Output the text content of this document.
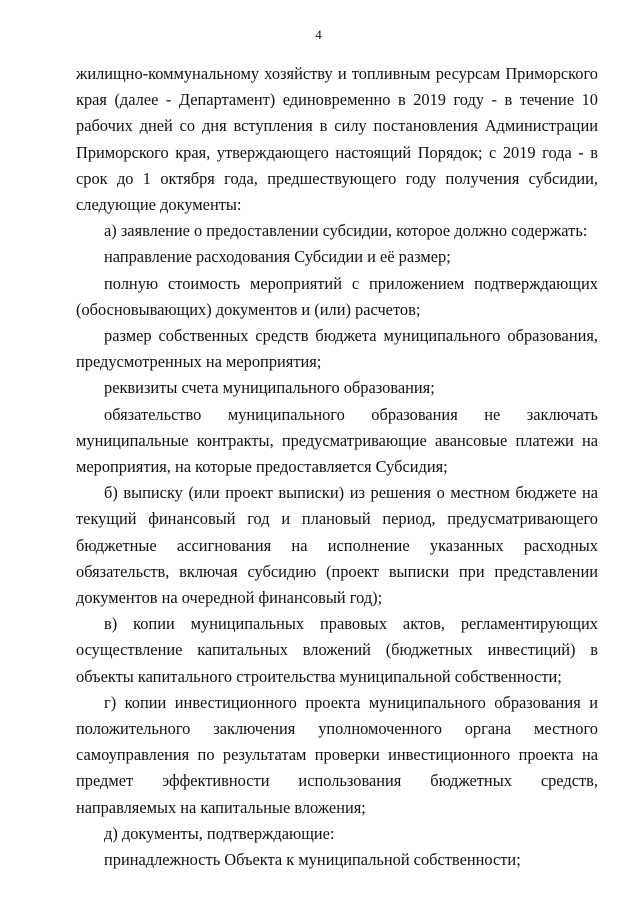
4

жилищно-коммунальному хозяйству и топливным ресурсам Приморского края (далее - Департамент) единовременно в 2019 году - в течение 10 рабочих дней со дня вступления в силу постановления Администрации Приморского края, утверждающего настоящий Порядок; с 2019 года - в срок до 1 октября года, предшествующего году получения субсидии, следующие документы:

а) заявление о предоставлении субсидии, которое должно содержать:

направление расходования Субсидии и её размер;

полную стоимость мероприятий с приложением подтверждающих (обосновывающих) документов и (или) расчетов;

размер собственных средств бюджета муниципального образования, предусмотренных на мероприятия;

реквизиты счета муниципального образования;

обязательство муниципального образования не заключать муниципальные контракты, предусматривающие авансовые платежи на мероприятия, на которые предоставляется Субсидия;

б) выписку (или проект выписки) из решения о местном бюджете на текущий финансовый год и плановый период, предусматривающего бюджетные ассигнования на исполнение указанных расходных обязательств, включая субсидию (проект выписки при представлении документов на очередной финансовый год);

в) копии муниципальных правовых актов, регламентирующих осуществление капитальных вложений (бюджетных инвестиций) в объекты капитального строительства муниципальной собственности;

г) копии инвестиционного проекта муниципального образования и положительного заключения уполномоченного органа местного самоуправления по результатам проверки инвестиционного проекта на предмет эффективности использования бюджетных средств, направляемых на капитальные вложения;

д) документы, подтверждающие:

принадлежность Объекта к муниципальной собственности;
